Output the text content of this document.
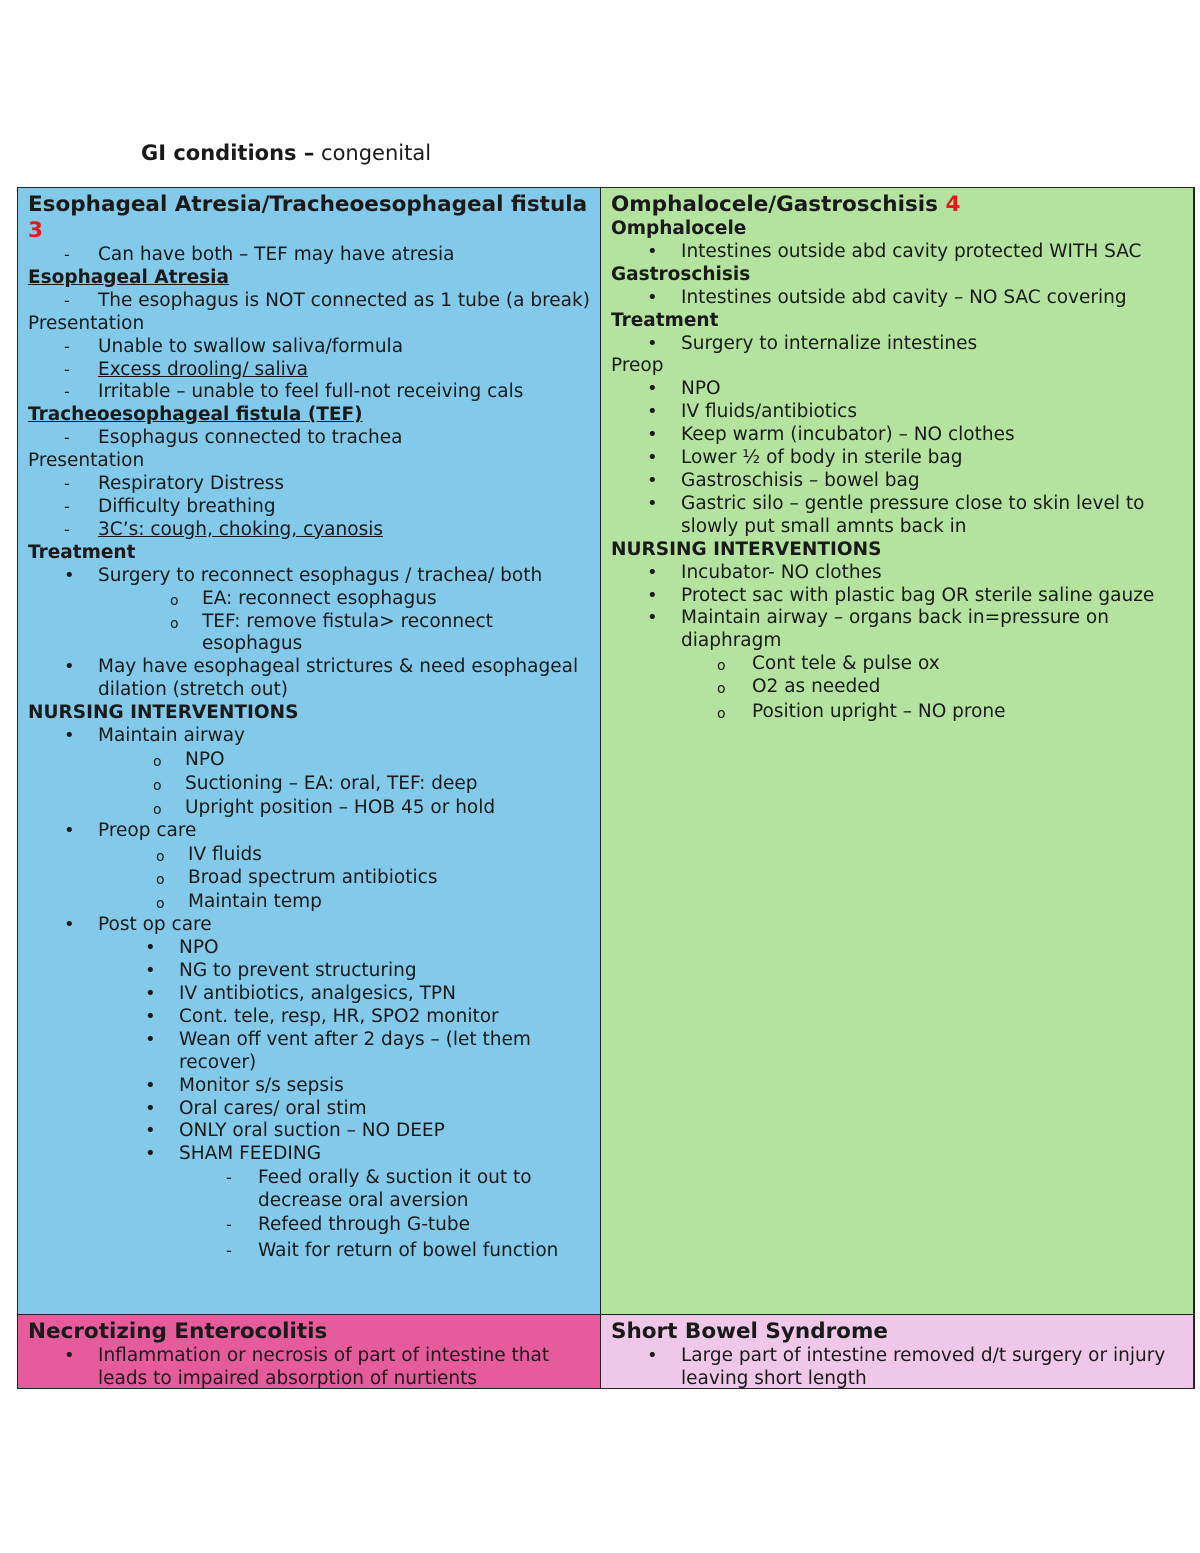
GI conditions – congenital
Esophageal Atresia/Tracheoesophageal fistula 3
- Can have both – TEF may have atresia
Esophageal Atresia
- The esophagus is NOT connected as 1 tube (a break)
Presentation
- Unable to swallow saliva/formula
- Excess drooling/ saliva
- Irritable – unable to feel full-not receiving cals
Tracheoesophageal fistula (TEF)
- Esophagus connected to trachea
Presentation
- Respiratory Distress
- Difficulty breathing
- 3C’s: cough, choking, cyanosis
Treatment
• Surgery to reconnect esophagus / trachea/ both
o EA: reconnect esophagus
o TEF: remove fistula> reconnect esophagus
• May have esophageal strictures & need esophageal dilation (stretch out)
NURSING INTERVENTIONS
• Maintain airway
o NPO
o Suctioning – EA: oral, TEF: deep
o Upright position – HOB 45 or hold
• Preop care
o IV fluids
o Broad spectrum antibiotics
o Maintain temp
• Post op care
• NPO
• NG to prevent structuring
• IV antibiotics, analgesics, TPN
• Cont. tele, resp, HR, SPO2 monitor
• Wean off vent after 2 days – (let them recover)
• Monitor s/s sepsis
• Oral cares/ oral stim
• ONLY oral suction – NO DEEP
• SHAM FEEDING
- Feed orally & suction it out to decrease oral aversion
- Refeed through G-tube
- Wait for return of bowel function
Omphalocele/Gastroschisis 4
Omphalocele
• Intestines outside abd cavity protected WITH SAC
Gastroschisis
• Intestines outside abd cavity – NO SAC covering
Treatment
• Surgery to internalize intestines
Preop
• NPO
• IV fluids/antibiotics
• Keep warm (incubator) – NO clothes
• Lower ½ of body in sterile bag
• Gastroschisis – bowel bag
• Gastric silo – gentle pressure close to skin level to slowly put small amnts back in
NURSING INTERVENTIONS
• Incubator- NO clothes
• Protect sac with plastic bag OR sterile saline gauze
• Maintain airway – organs back in=pressure on diaphragm
o Cont tele & pulse ox
o O2 as needed
o Position upright – NO prone
Necrotizing Enterocolitis
• Inflammation or necrosis of part of intestine that leads to impaired absorption of nurtients
Short Bowel Syndrome
• Large part of intestine removed d/t surgery or injury leaving short length
